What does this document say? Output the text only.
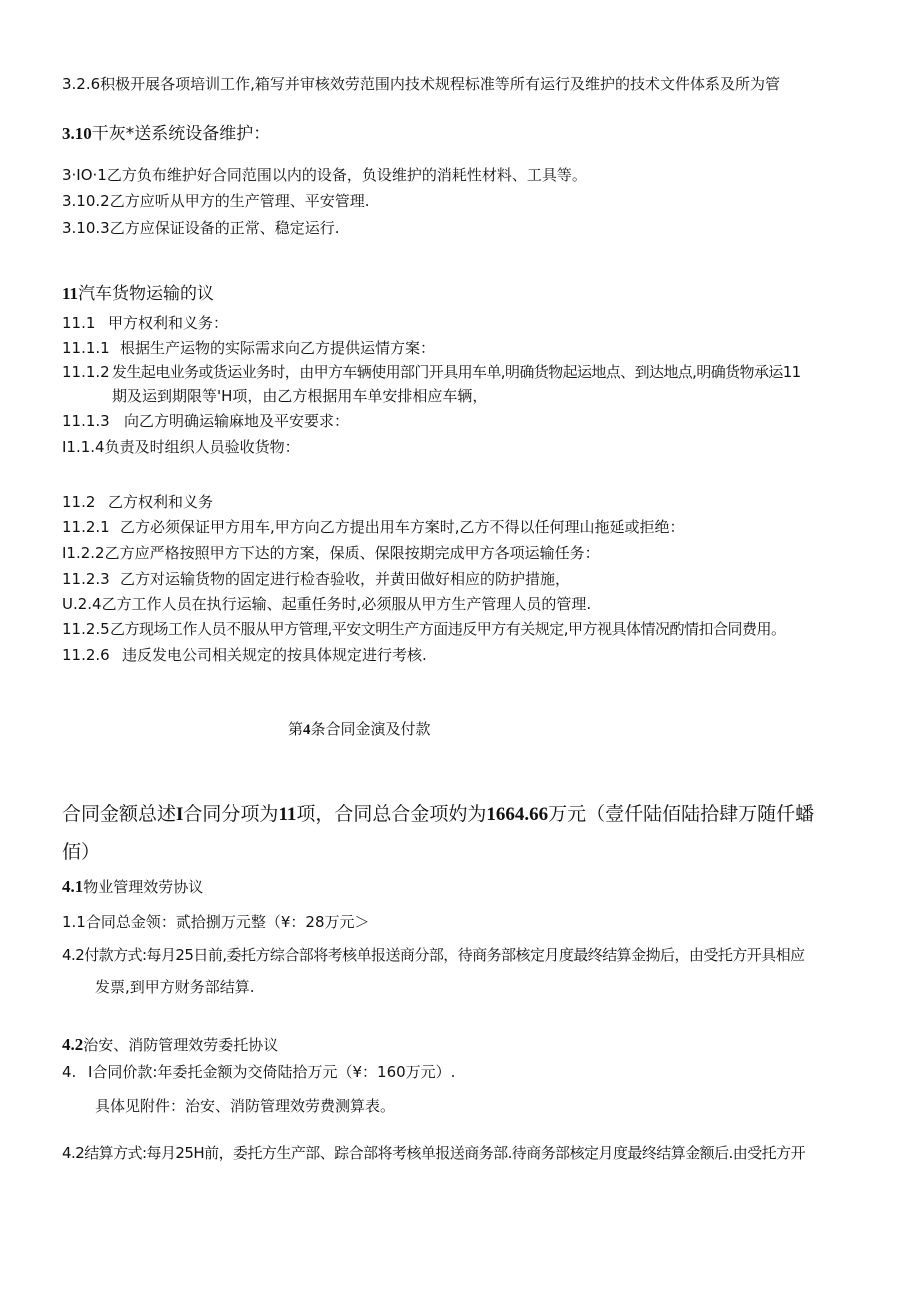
3.2.6积极开展各项培训工作,箱写并审核效劳范围内技术规程标准等所有运行及维护的技术文件体系及所为管
3.10干灰*送系统设备维护：
3·IO·1乙方负布维护好合同范围以内的设备，负设维护的消耗性材料、工具等。
3.10.2乙方应听从甲方的生产管理、平安管理.
3.10.3乙方应保证设备的正常、稳定运行.
11汽车货物运输的议
11.1 甲方权利和义务：
11.1.1 根据生产运物的实际需求向乙方提供运情方案：
11.1.2 发生起电业务或货运业务时，由甲方车辆使用部门开具用车单,明确货物起运地点、到达地点,明确货物承运11
期及运到期限等'H项，由乙方根据用车单安排相应车辆，
11.1.3 向乙方明确运输麻地及平安要求：
I1.1.4负责及时组织人员验收货物：
11.2 乙方权利和义务
11.2.1 乙方必须保证甲方用车,甲方向乙方提出用车方案时,乙方不得以任何理山拖延或拒绝：
I1.2.2乙方应严格按照甲方下达的方案，保质、保限按期完成甲方各项运输任务：
11.2.3 乙方对运输货物的固定进行检杳验收，并黄田做好相应的防护措施，
U.2.4乙方工作人员在执行运输、起重任务时,必须服从甲方生产管理人员的管理.
11.2.5乙方现场工作人员不服从甲方管理,平安文明生产方面违反甲方有关规定,甲方视具体情况酌情扣合同费用。
11.2.6 违反发电公司相关规定的按具体规定进行考核.
第4条合同金演及付款
合同金额总述I合同分项为11项，合同总合金项妁为1664.66万元（壹仟陆佰陆拾肆万随仟蟠
佰）
4.1物业管理效劳协议
1.1合同总金领：贰拾捌万元整（¥：28万元＞
4.2付款方式:每月25日前,委托方综合部将考核单报送商分部，待商务部核定月度最终结算金拗后，由受托方开具相应
发票,到甲方财务部结算.
4.2治安、消防管理效劳委托协议
4. I合同价款:年委托金额为交倚陆拾万元（¥：160万元）.
具体见附件：治安、消防管理效劳费测算表。
4.2结算方式:每月25H前，委托方生产部、踪合部将考核单报送商务部.待商务部核定月度最终结算金额后.由受托方开
